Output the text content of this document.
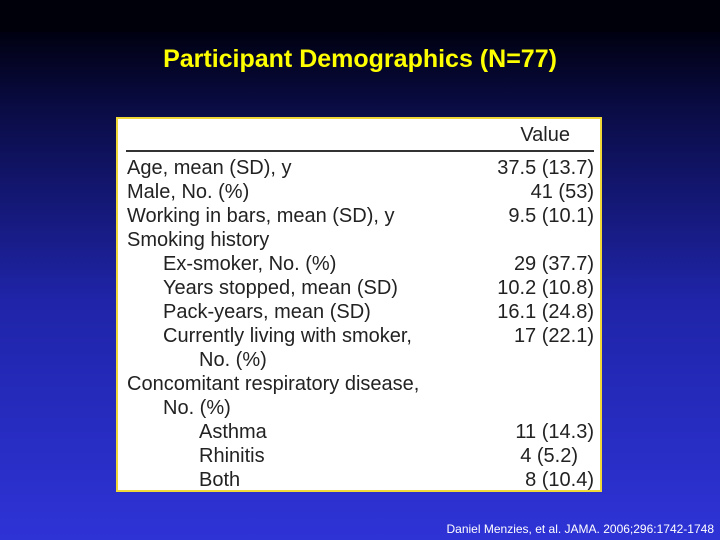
Participant Demographics (N=77)
Value
Age, mean (SD), y	37.5 (13.7)
Male, No. (%)	41 (53)
Working in bars, mean (SD), y	9.5 (10.1)
Smoking history
Ex-smoker, No. (%)	29 (37.7)
Years stopped, mean (SD)	10.2 (10.8)
Pack-years, mean (SD)	16.1 (24.8)
Currently living with smoker,	17 (22.1)
No. (%)
Concomitant respiratory disease,
No. (%)
Asthma	11 (14.3)
Rhinitis	4 (5.2)
Both	8 (10.4)
Daniel Menzies, et al. JAMA. 2006;296:1742-1748
